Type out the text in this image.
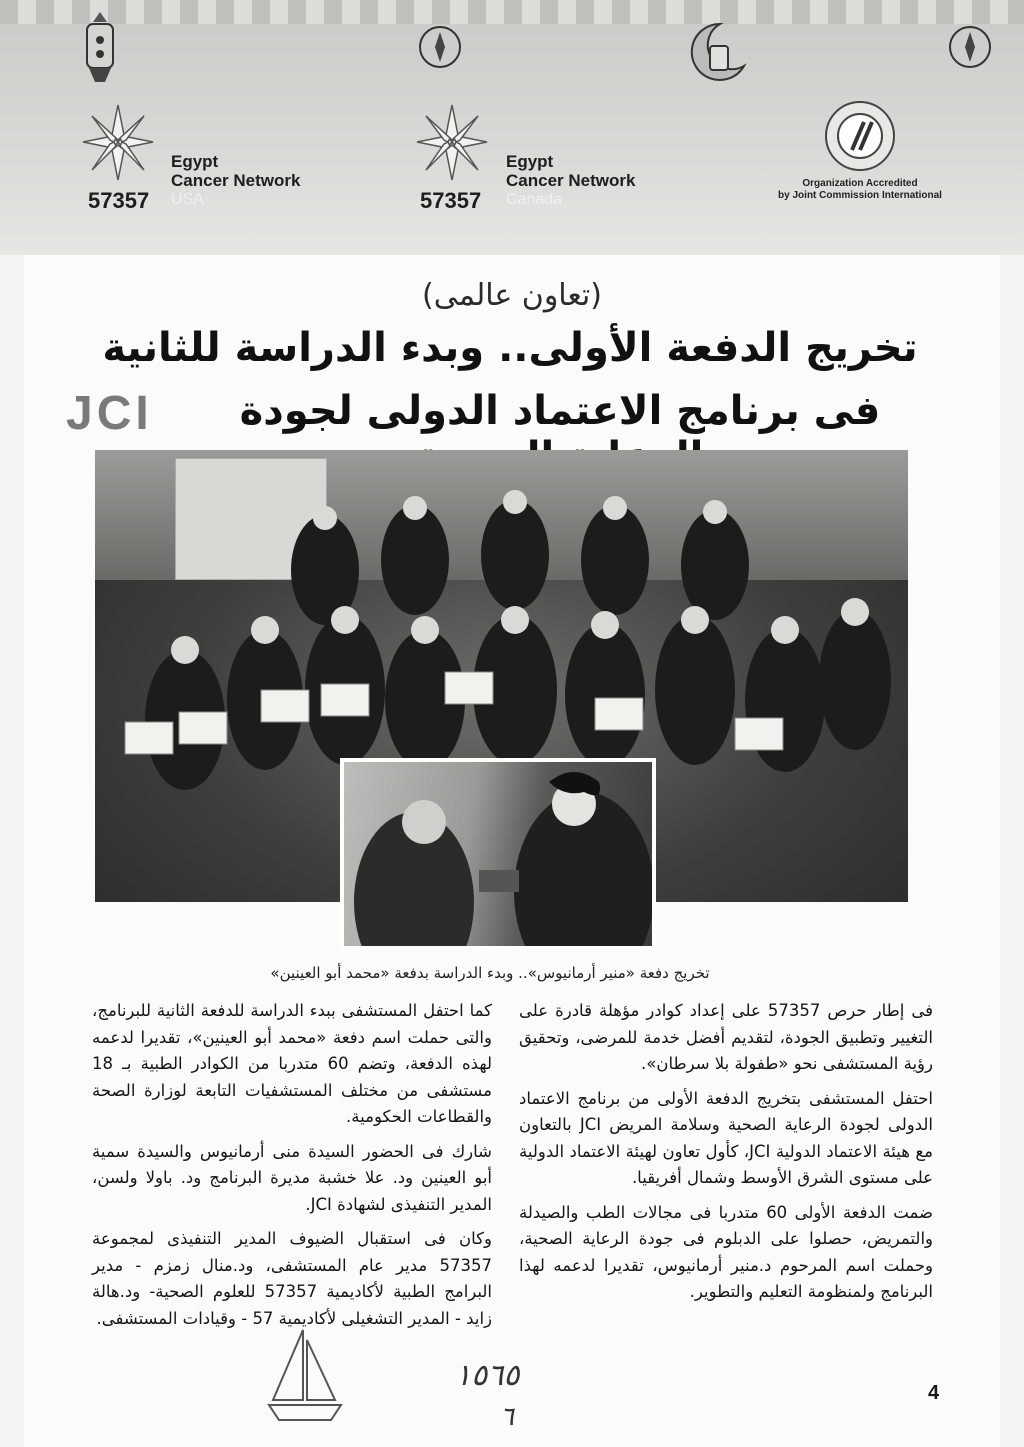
57357
Egypt
Cancer Network
USA	57357
Egypt
Cancer Network
Canada
Organization Accredited
by Joint Commission International
(تعاون عالمى)
تخريج الدفعة الأولى.. وبدء الدراسة للثانية
فى برنامج الاعتماد الدولى لجودة
JCI
تخريج دفعة «منير أرمانيوس».. وبدء الدراسة بدفعة «محمد أبو العينين»

فى إطار حرص 57357 على إعداد كوادر مؤهلة قادرة على التغيير وتطبيق الجودة، لتقديم أفضل خدمة للمرضى، وتحقيق رؤية المستشفى نحو «طفولة بلا سرطان».

احتفل المستشفى بتخريج الدفعة الأولى من برنامج الاعتماد الدولى لجودة الرعاية الصحية وسلامة المريض JCI بالتعاون مع هيئة الاعتماد الدولية JCI، كأول تعاون لهيئة الاعتماد الدولية على مستوى الشرق الأوسط وشمال أفريقيا.

ضمت الدفعة الأولى 60 متدربا فى مجالات الطب والصيدلة والتمريض، حصلوا على الدبلوم فى جودة الرعاية الصحية، وحملت اسم المرحوم د.منير أرمانيوس، تقديرا لدعمه لهذا البرنامج ولمنظومة التعليم والتطوير.

كما احتفل المستشفى ببدء الدراسة للدفعة الثانية للبرنامج، والتى حملت اسم دفعة «محمد أبو العينين»، تقديرا لدعمه لهذه الدفعة، وتضم 60 متدربا من الكوادر الطبية بـ 18 مستشفى من مختلف المستشفيات التابعة لوزارة الصحة والقطاعات الحكومية.

شارك فى الحضور السيدة منى أرمانيوس والسيدة سمية أبو العينين ود. علا خشبة مديرة البرنامج ود. باولا ولسن، المدير التنفيذى لشهادة JCI.

وكان فى استقبال الضيوف المدير التنفيذى لمجموعة 57357 مدير عام المستشفى، ود.منال زمزم - مدير البرامج الطبية لأكاديمية 57357 للعلوم الصحية- ود.هالة زايد - المدير التشغيلى لأكاديمية 57 - وقيادات المستشفى.

١٥٦٥
٦
4
